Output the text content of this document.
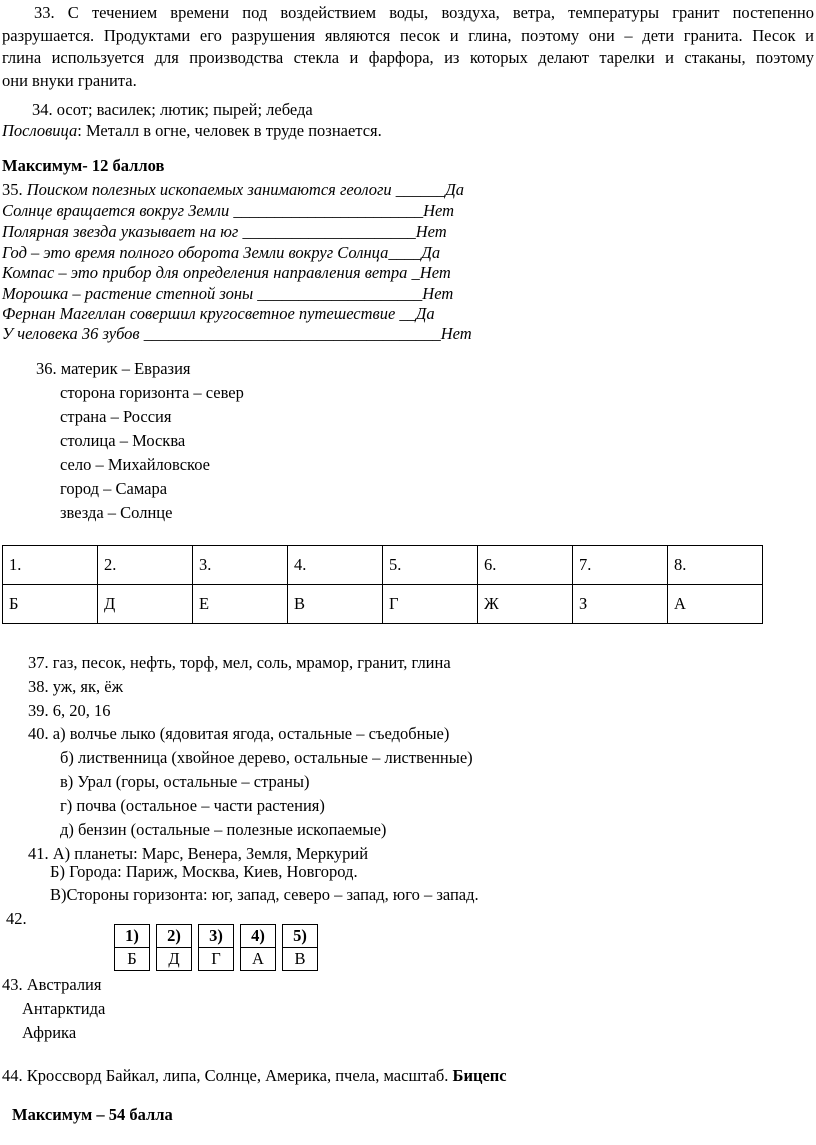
33. С течением времени под воздействием воды, воздуха, ветра, температуры гранит постепенно
разрушается. Продуктами его разрушения являются песок и глина, поэтому они – дети гранита. Песок и
глина используется для производства стекла и фарфора, из которых делают тарелки и стаканы, поэтому
они внуки гранита.
34. осот; василек; лютик; пырей; лебеда
Пословица: Металл в огне, человек в труде познается.
Максимум- 12 баллов
35. Поиском полезных ископаемых занимаются геологи ______Да
Солнце вращается вокруг Земли _______________________Нет
Полярная звезда указывает на юг _____________________Нет
Год – это время полного оборота Земли вокруг Солнца____Да
Компас – это прибор для определения направления ветра _Нет
Морошка – растение степной зоны ____________________Нет
Фернан Магеллан совершил кругосветное путешествие __Да
У человека 36 зубов ____________________________________Нет
36. материк – Евразия
сторона горизонта – север
страна – Россия
столица – Москва
село – Михайловское
город – Самара
звезда – Солнце
1.	2.	3.	4.	5.	6.	7.	8.
Б	Д	Е	В	Г	Ж	З	А
37. газ, песок, нефть, торф, мел, соль, мрамор, гранит, глина
38. уж, як, ёж
39. 6, 20, 16
40. а) волчье лыко (ядовитая ягода, остальные – съедобные)
б) лиственница (хвойное дерево, остальные – лиственные)
в) Урал (горы, остальные – страны)
г) почва (остальное – части растения)
д) бензин (остальные – полезные ископаемые)
41. А) планеты: Марс, Венера, Земля, Меркурий
Б) Города: Париж, Москва, Киев, Новгород.
В)Стороны горизонта: юг, запад, северо – запад, юго – запад.
42.
1)		2)		3)		4)		5)
Б		Д		Г		А		В
43. Австралия
Антарктида
Африка
44. Кроссворд Байкал, липа, Солнце, Америка, пчела, масштаб. Бицепс
Максимум – 54 балла
